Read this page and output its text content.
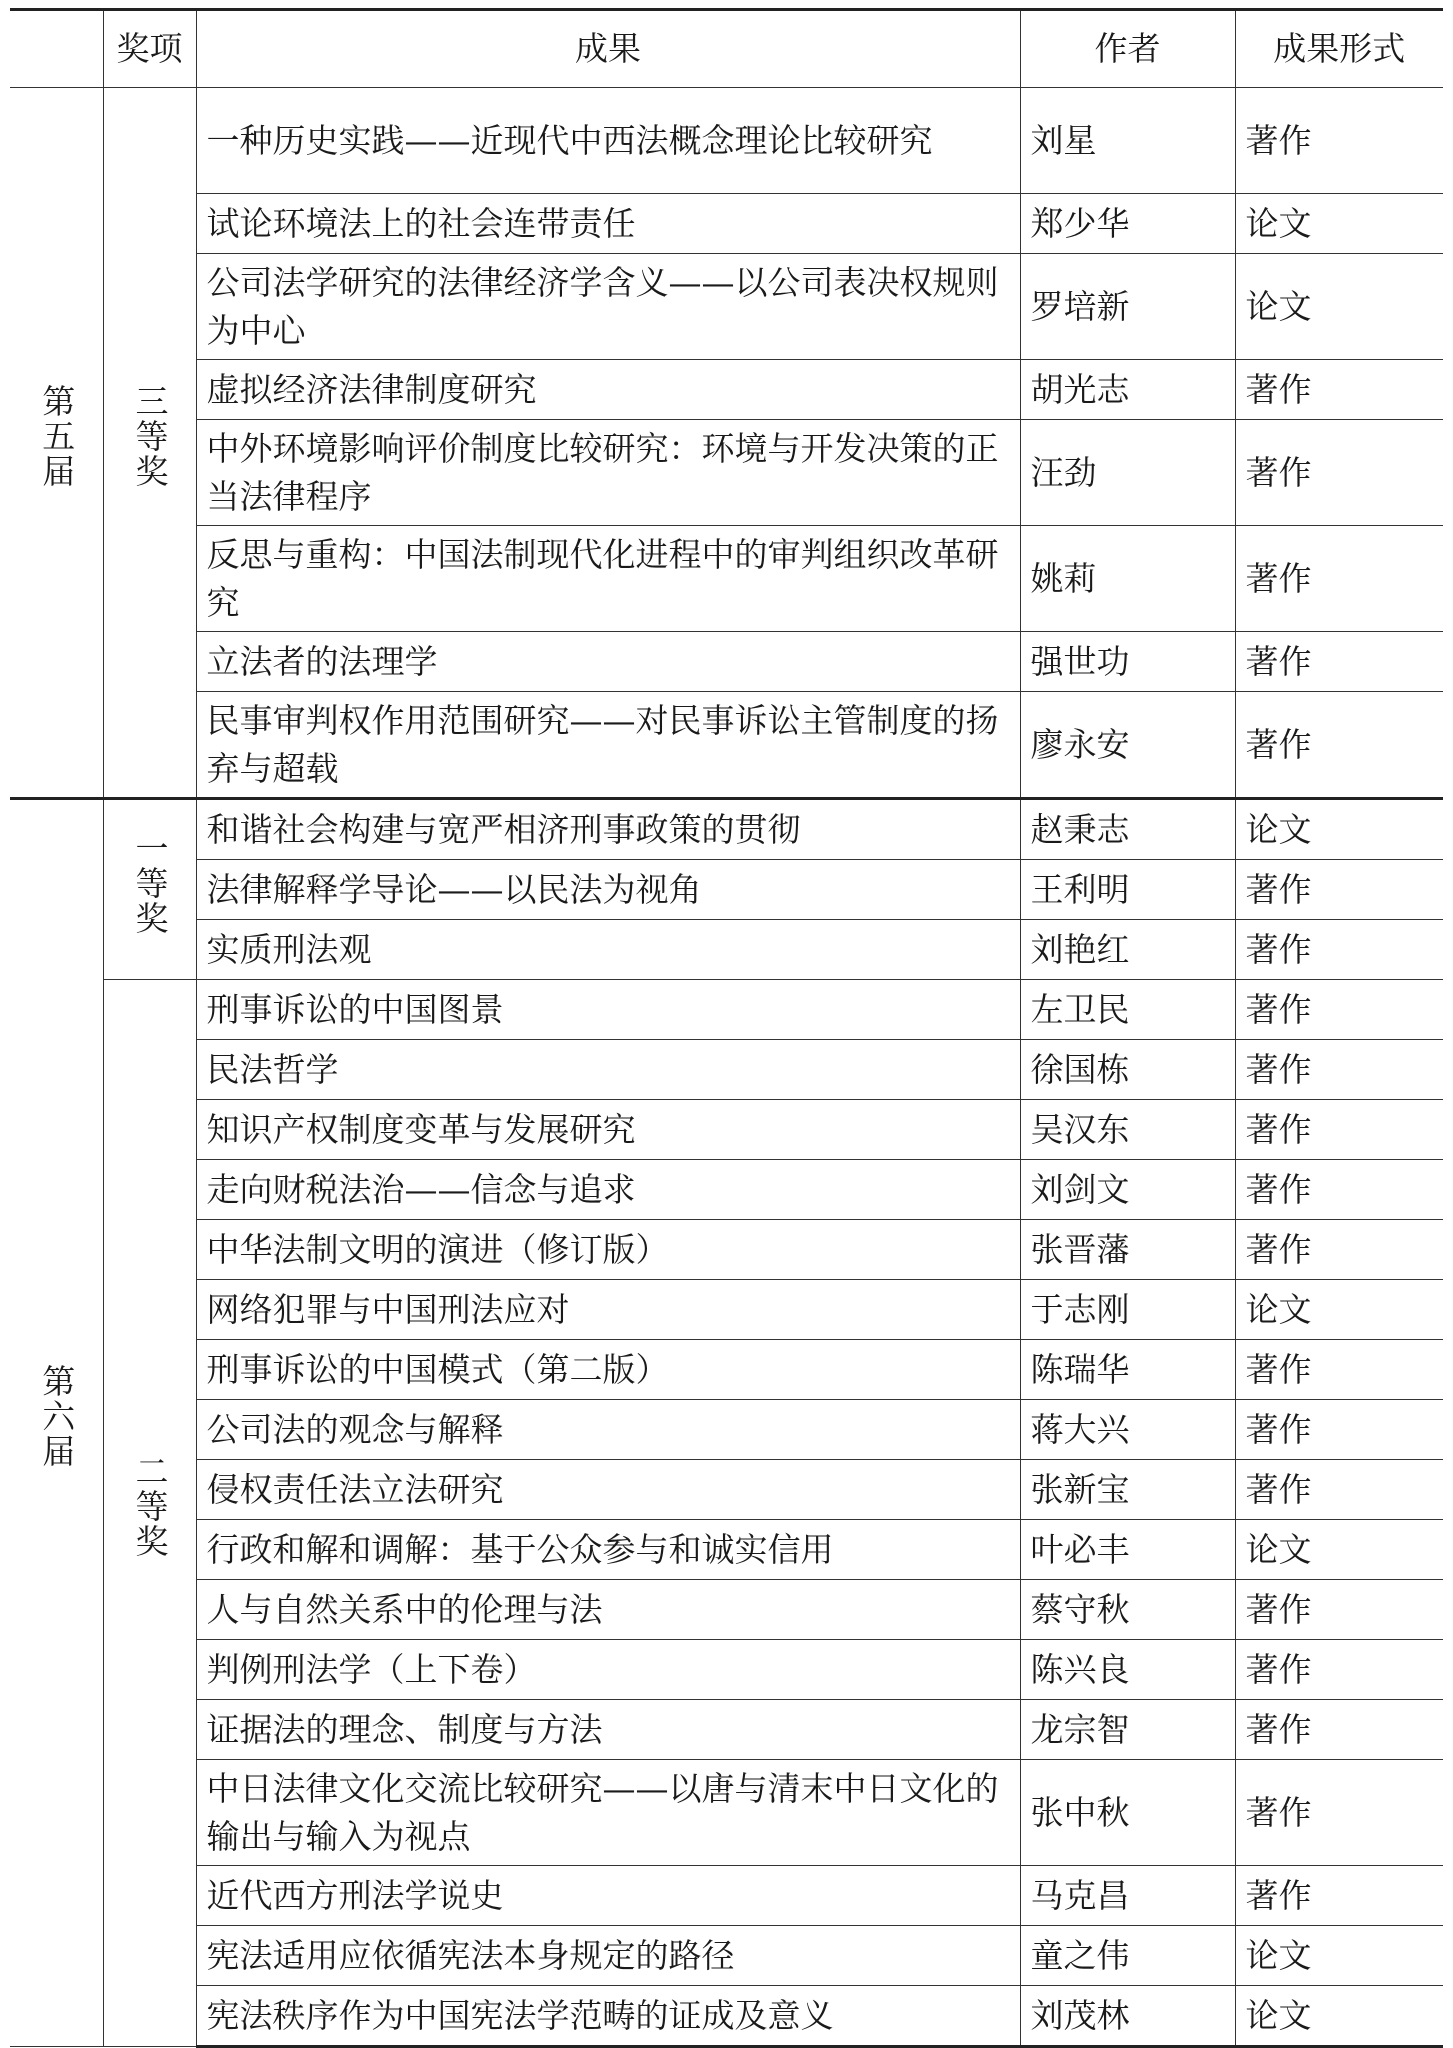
	奖项	成果	作者	成果形式
第五届	三等奖	一种历史实践——近现代中西法概念理论比较研究	刘星	著作
		试论环境法上的社会连带责任	郑少华	论文
		公司法学研究的法律经济学含义——以公司表决权规则为中心	罗培新	论文
		虚拟经济法律制度研究	胡光志	著作
		中外环境影响评价制度比较研究：环境与开发决策的正当法律程序	汪劲	著作
		反思与重构：中国法制现代化进程中的审判组织改革研究	姚莉	著作
		立法者的法理学	强世功	著作
		民事审判权作用范围研究——对民事诉讼主管制度的扬弃与超载	廖永安	著作
第六届	一等奖	和谐社会构建与宽严相济刑事政策的贯彻	赵秉志	论文
		法律解释学导论——以民法为视角	王利明	著作
		实质刑法观	刘艳红	著作
	二等奖	刑事诉讼的中国图景	左卫民	著作
		民法哲学	徐国栋	著作
		知识产权制度变革与发展研究	吴汉东	著作
		走向财税法治——信念与追求	刘剑文	著作
		中华法制文明的演进（修订版）	张晋藩	著作
		网络犯罪与中国刑法应对	于志刚	论文
		刑事诉讼的中国模式（第二版）	陈瑞华	著作
		公司法的观念与解释	蒋大兴	著作
		侵权责任法立法研究	张新宝	著作
		行政和解和调解：基于公众参与和诚实信用	叶必丰	论文
		人与自然关系中的伦理与法	蔡守秋	著作
		判例刑法学（上下卷）	陈兴良	著作
		证据法的理念、制度与方法	龙宗智	著作
		中日法律文化交流比较研究——以唐与清末中日文化的输出与输入为视点	张中秋	著作
		近代西方刑法学说史	马克昌	著作
		宪法适用应依循宪法本身规定的路径	童之伟	论文
		宪法秩序作为中国宪法学范畴的证成及意义	刘茂林	论文
